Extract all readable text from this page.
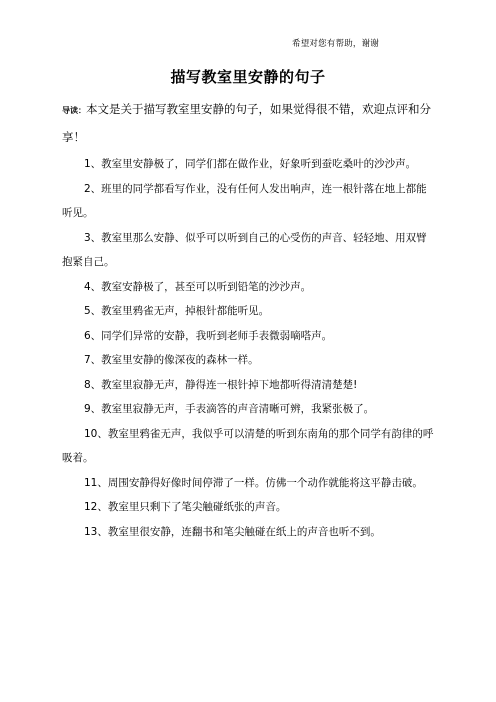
希望对您有帮助，谢谢
描写教室里安静的句子
导读：本文是关于描写教室里安静的句子，如果觉得很不错，欢迎点评和分享！
1、教室里安静极了，同学们都在做作业，好象听到蚕吃桑叶的沙沙声。
2、班里的同学都看写作业，没有任何人发出响声，连一根针落在地上都能听见。
3、教室里那么安静、似乎可以听到自己的心受伤的声音、轻轻地、用双臂抱紧自己。
4、教室安静极了，甚至可以听到铅笔的沙沙声。
5、教室里鸦雀无声，掉根针都能听见。
6、同学们异常的安静，我听到老师手表微弱嘀嗒声。
7、教室里安静的像深夜的森林一样。
8、教室里寂静无声，静得连一根针掉下地都听得清清楚楚!
9、教室里寂静无声，手表滴答的声音清晰可辨，我紧张极了。
10、教室里鸦雀无声，我似乎可以清楚的听到东南角的那个同学有韵律的呼吸着。
11、周围安静得好像时间停滞了一样。仿佛一个动作就能将这平静击破。
12、教室里只剩下了笔尖触碰纸张的声音。
13、教室里很安静，连翻书和笔尖触碰在纸上的声音也听不到。
